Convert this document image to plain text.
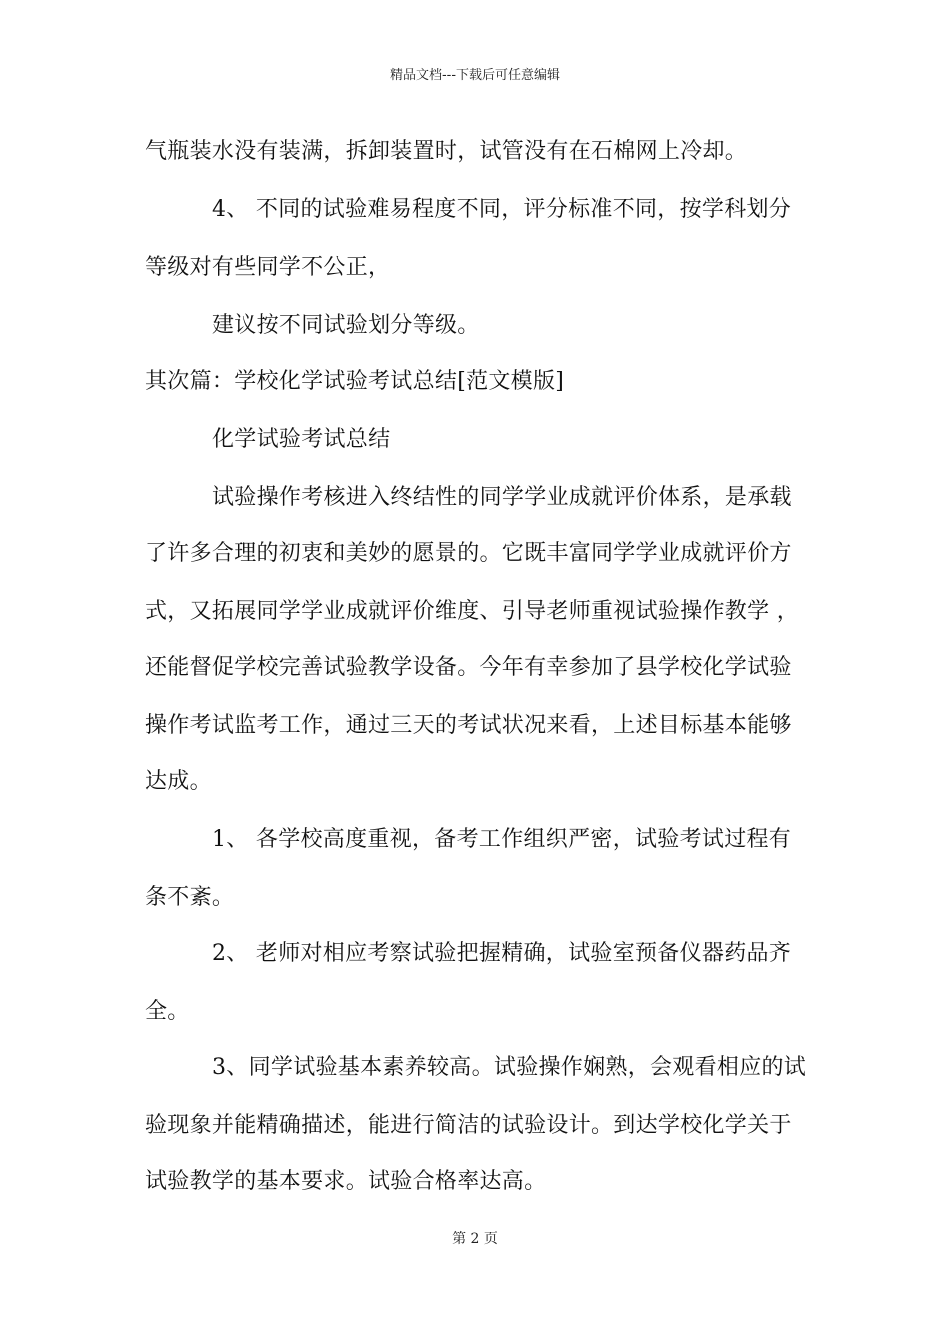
精品文档---下载后可任意编辑
气瓶装水没有装满，拆卸装置时，试管没有在石棉网上冷却。
4、 不同的试验难易程度不同，评分标准不同，按学科划分
等级对有些同学不公正，
建议按不同试验划分等级。
其次篇：学校化学试验考试总结[范文模版]
化学试验考试总结
试验操作考核进入终结性的同学学业成就评价体系，是承载
了许多合理的初衷和美妙的愿景的。它既丰富同学学业成就评价方
式，又拓展同学学业成就评价维度、引导老师重视试验操作教学 ，
还能督促学校完善试验教学设备。今年有幸参加了县学校化学试验
操作考试监考工作，通过三天的考试状况来看，上述目标基本能够
达成。
1、 各学校高度重视，备考工作组织严密，试验考试过程有
条不紊。
2、 老师对相应考察试验把握精确，试验室预备仪器药品齐
全。
3、同学试验基本素养较高。试验操作娴熟，会观看相应的试
验现象并能精确描述，能进行简洁的试验设计。到达学校化学关于
试验教学的基本要求。试验合格率达高。
第 2 页
